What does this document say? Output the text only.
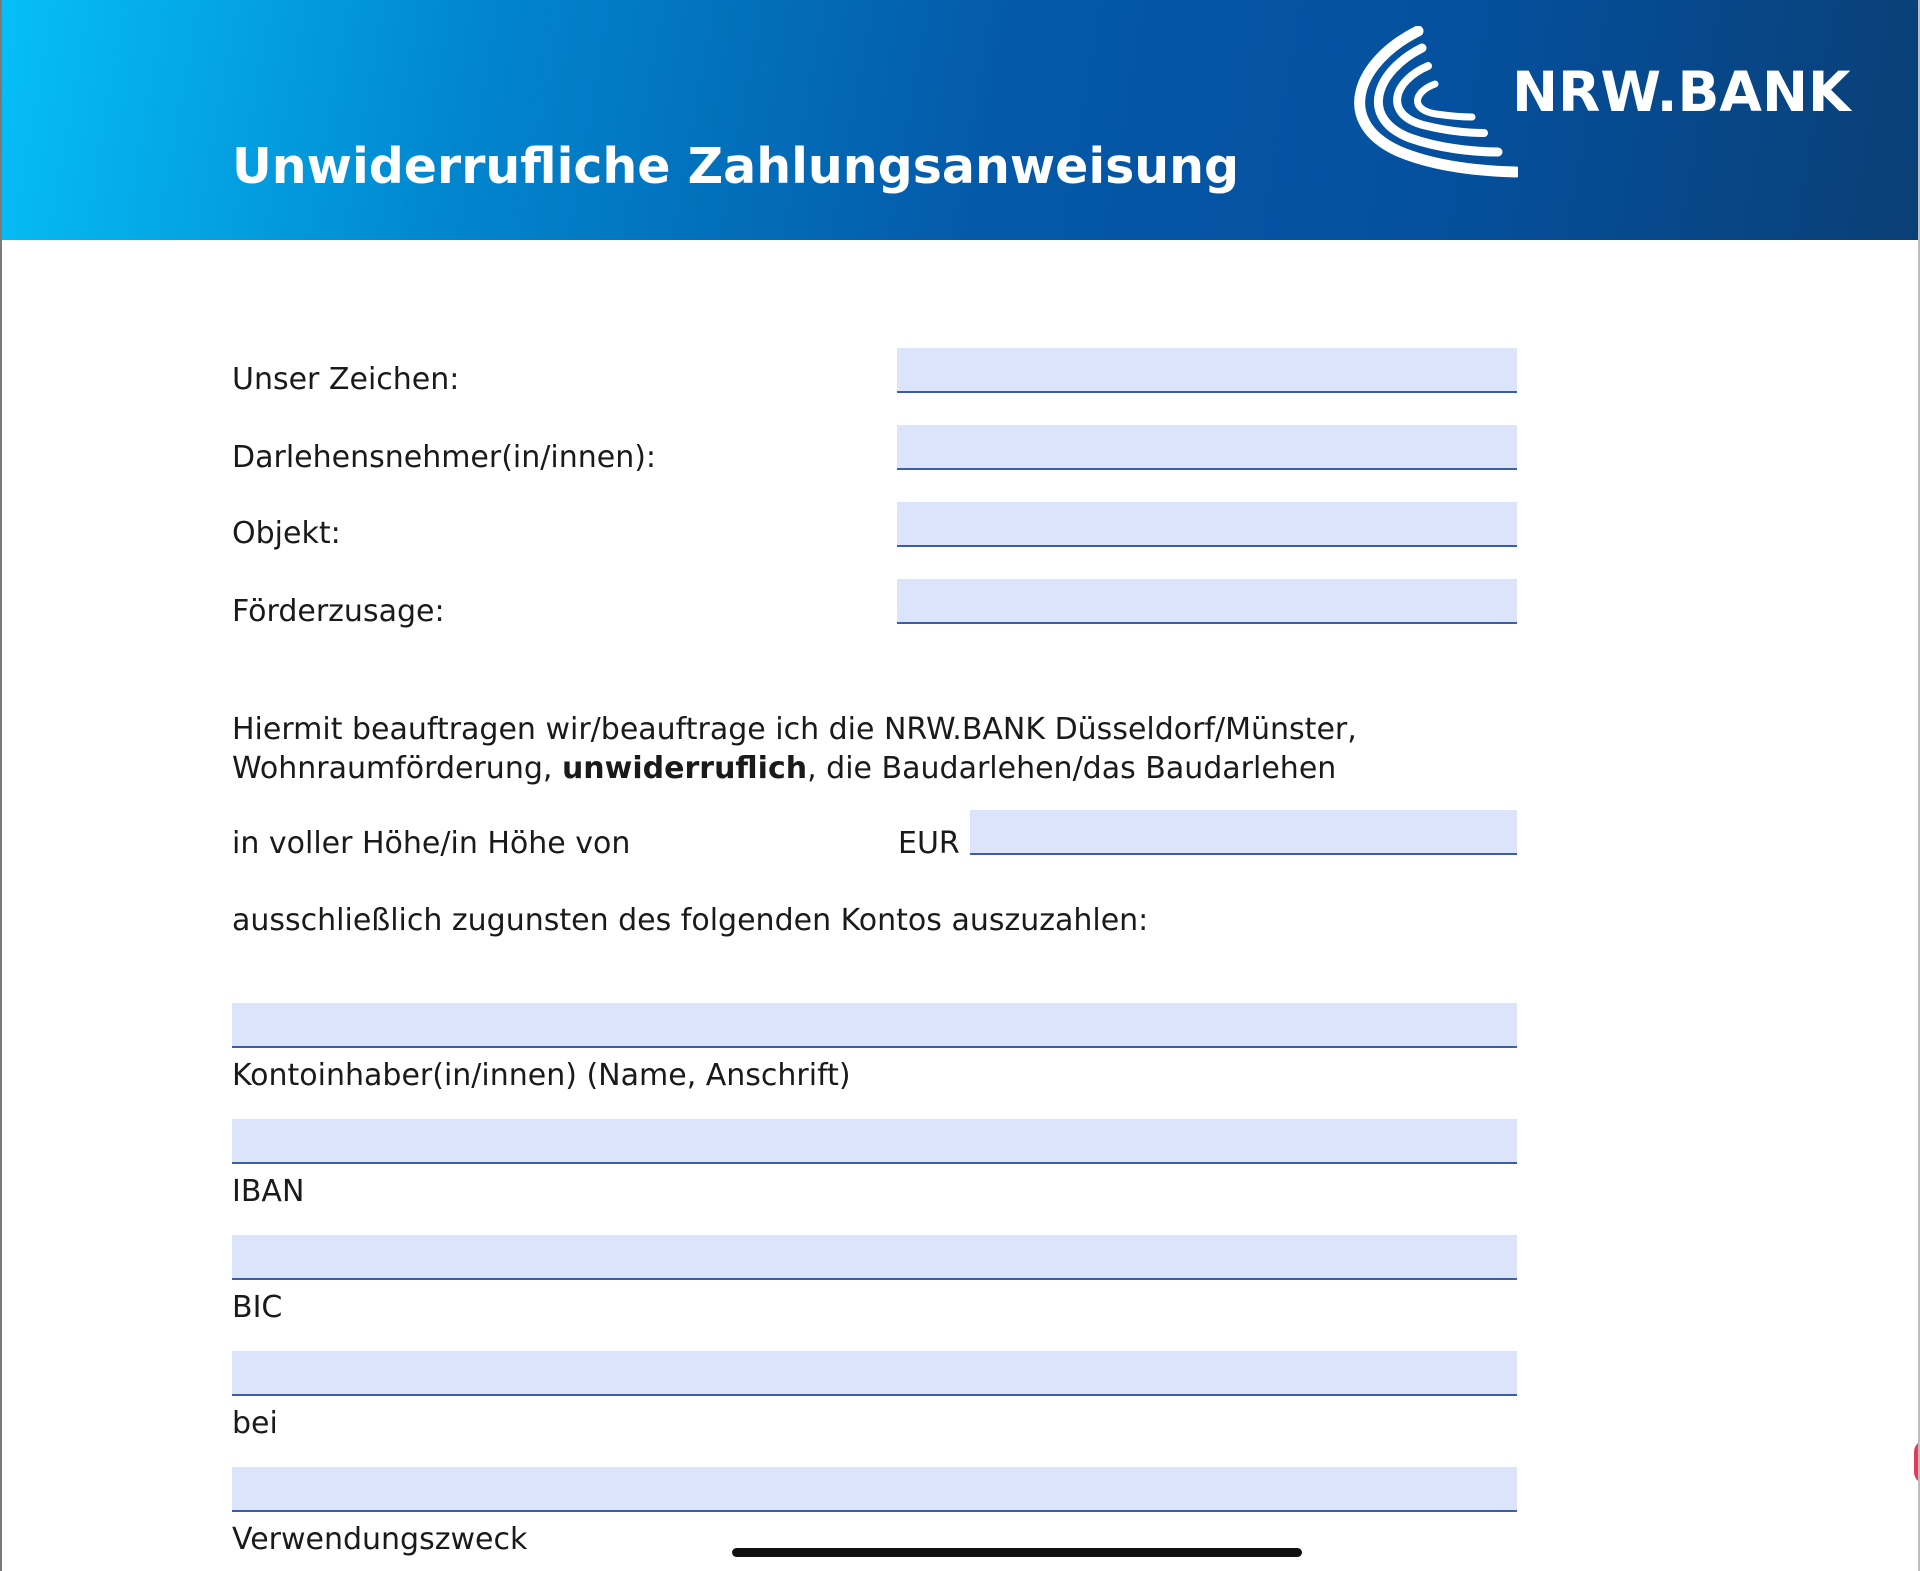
Unwiderrufliche Zahlungsanweisung
NRW.BANK
Unser Zeichen:
Darlehensnehmer(in/innen):
Objekt:
Förderzusage:
Hiermit beauftragen wir/beauftrage ich die NRW.BANK Düsseldorf/Münster,
Wohnraumförderung, unwiderruflich, die Baudarlehen/das Baudarlehen
in voller Höhe/in Höhe von	EUR
ausschließlich zugunsten des folgenden Kontos auszuzahlen:
Kontoinhaber(in/innen) (Name, Anschrift)
IBAN
BIC
bei
Verwendungszweck
